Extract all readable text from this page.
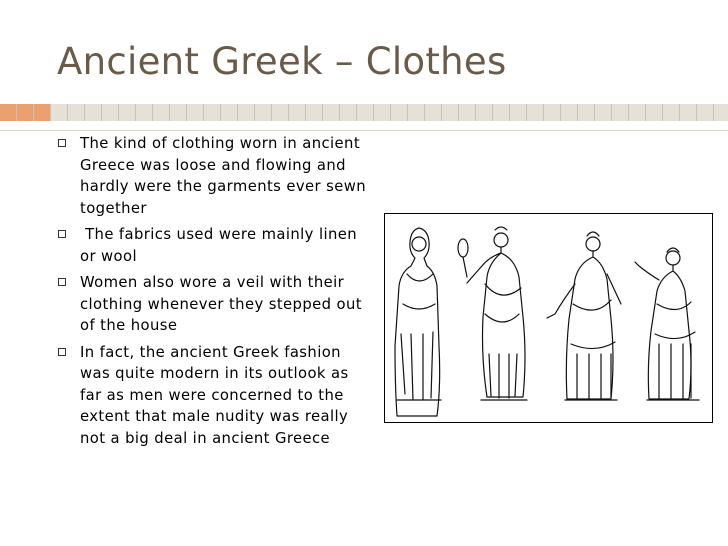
Ancient Greek – Clothes
The kind of clothing worn in ancient Greece was loose and flowing and hardly were the garments ever sewn together
The fabrics used were mainly linen or wool
Women also wore a veil with their clothing whenever they stepped out of the house
In fact, the ancient Greek fashion was quite modern in its outlook as far as men were concerned to the extent that male nudity was really not a big deal in ancient Greece
